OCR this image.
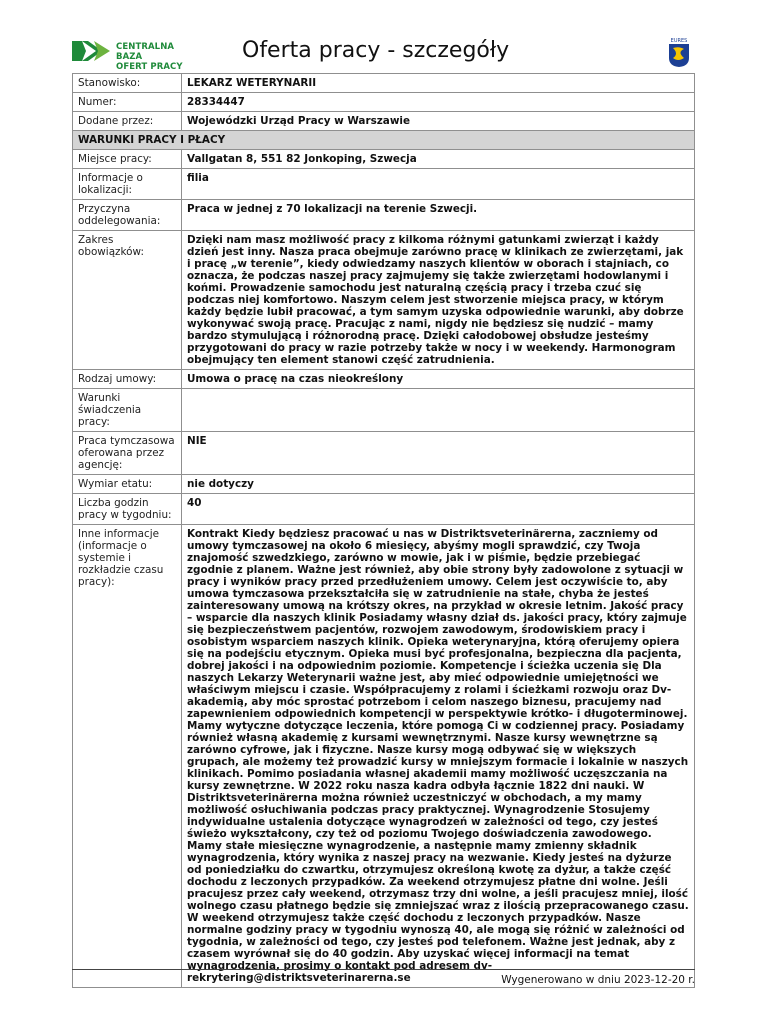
CENTRALNA BAZA
OFERT PRACY
Oferta pracy - szczegóły	EURES
Stanowisko:	LEKARZ WETERYNARII
Numer:	28334447
Dodane przez:	Wojewódzki Urząd Pracy w Warszawie
WARUNKI PRACY I PŁACY	
Miejsce pracy:	Vallgatan 8, 551 82 Jonkoping, Szwecja
Informacje o lokalizacji:	filia
Przyczyna oddelegowania:	Praca w jednej z 70 lokalizacji na terenie Szwecji.
Zakres obowiązków:	Dzięki nam masz możliwość pracy z kilkoma różnymi gatunkami zwierząt i każdy dzień jest inny. Nasza praca obejmuje zarówno pracę w klinikach ze zwierzętami, jak i pracę „w terenie”, kiedy odwiedzamy naszych klientów w oborach i stajniach, co oznacza, że podczas naszej pracy zajmujemy się także zwierzętami hodowlanymi i końmi. Prowadzenie samochodu jest naturalną częścią pracy i trzeba czuć się podczas niej komfortowo. Naszym celem jest stworzenie miejsca pracy, w którym każdy będzie lubił pracować, a tym samym uzyska odpowiednie warunki, aby dobrze wykonywać swoją pracę. Pracując z nami, nigdy nie będziesz się nudzić – mamy bardzo stymulującą i różnorodną pracę. Dzięki całodobowej obsłudze jesteśmy przygotowani do pracy w razie potrzeby także w nocy i w weekendy. Harmonogram obejmujący ten element stanowi część zatrudnienia.
Rodzaj umowy:	Umowa o pracę na czas nieokreślony
Warunki świadczenia pracy:	
Praca tymczasowa oferowana przez agencję:	NIE
Wymiar etatu:	nie dotyczy
Liczba godzin pracy w tygodniu:	40
Inne informacje (informacje o systemie i rozkładzie czasu pracy):	Kontrakt Kiedy będziesz pracować u nas w Distriktsveterinärerna, zaczniemy od umowy tymczasowej na około 6 miesięcy, abyśmy mogli sprawdzić, czy Twoja znajomość szwedzkiego, zarówno w mowie, jak i w piśmie, będzie przebiegać zgodnie z planem. Ważne jest również, aby obie strony były zadowolone z sytuacji w pracy i wyników pracy przed przedłużeniem umowy. Celem jest oczywiście to, aby umowa tymczasowa przekształciła się w zatrudnienie na stałe, chyba że jesteś zainteresowany umową na krótszy okres, na przykład w okresie letnim. Jakość pracy – wsparcie dla naszych klinik Posiadamy własny dział ds. jakości pracy, który zajmuje się bezpieczeństwem pacjentów, rozwojem zawodowym, środowiskiem pracy i osobistym wsparciem naszych klinik. Opieka weterynaryjna, którą oferujemy opiera się na podejściu etycznym. Opieka musi być profesjonalna, bezpieczna dla pacjenta, dobrej jakości i na odpowiednim poziomie. Kompetencje i ścieżka uczenia się Dla naszych Lekarzy Weterynarii ważne jest, aby mieć odpowiednie umiejętności we właściwym miejscu i czasie. Współpracujemy z rolami i ścieżkami rozwoju oraz Dv-akademią, aby móc sprostać potrzebom i celom naszego biznesu, pracujemy nad zapewnieniem odpowiednich kompetencji w perspektywie krótko- i długoterminowej. Mamy wytyczne dotyczące leczenia, które pomogą Ci w codziennej pracy. Posiadamy również własną akademię z kursami wewnętrznymi. Nasze kursy wewnętrzne są zarówno cyfrowe, jak i fizyczne. Nasze kursy mogą odbywać się w większych grupach, ale możemy też prowadzić kursy w mniejszym formacie i lokalnie w naszych klinikach. Pomimo posiadania własnej akademii mamy możliwość uczęszczania na kursy zewnętrzne. W 2022 roku nasza kadra odbyła łącznie 1822 dni nauki. W Distriktsveterinärerna można również uczestniczyć w obchodach, a my mamy możliwość osłuchiwania podczas pracy praktycznej. Wynagrodzenie Stosujemy indywidualne ustalenia dotyczące wynagrodzeń w zależności od tego, czy jesteś świeżo wykształcony, czy też od poziomu Twojego doświadczenia zawodowego. Mamy stałe miesięczne wynagrodzenie, a następnie mamy zmienny składnik wynagrodzenia, który wynika z naszej pracy na wezwanie. Kiedy jesteś na dyżurze od poniedziałku do czwartku, otrzymujesz określoną kwotę za dyżur, a także część dochodu z leczonych przypadków. Za weekend otrzymujesz płatne dni wolne. Jeśli pracujesz przez cały weekend, otrzymasz trzy dni wolne, a jeśli pracujesz mniej, ilość wolnego czasu płatnego będzie się zmniejszać wraz z ilością przepracowanego czasu. W weekend otrzymujesz także część dochodu z leczonych przypadków. Nasze normalne godziny pracy w tygodniu wynoszą 40, ale mogą się różnić w zależności od tygodnia, w zależności od tego, czy jesteś pod telefonem. Ważne jest jednak, aby z czasem wyrównał się do 40 godzin. Aby uzyskać więcej informacji na temat wynagrodzenia, prosimy o kontakt pod adresem dv-rekrytering@distriktsveterinarerna.se	Wygenerowano w dniu 2023-12-20 r.
